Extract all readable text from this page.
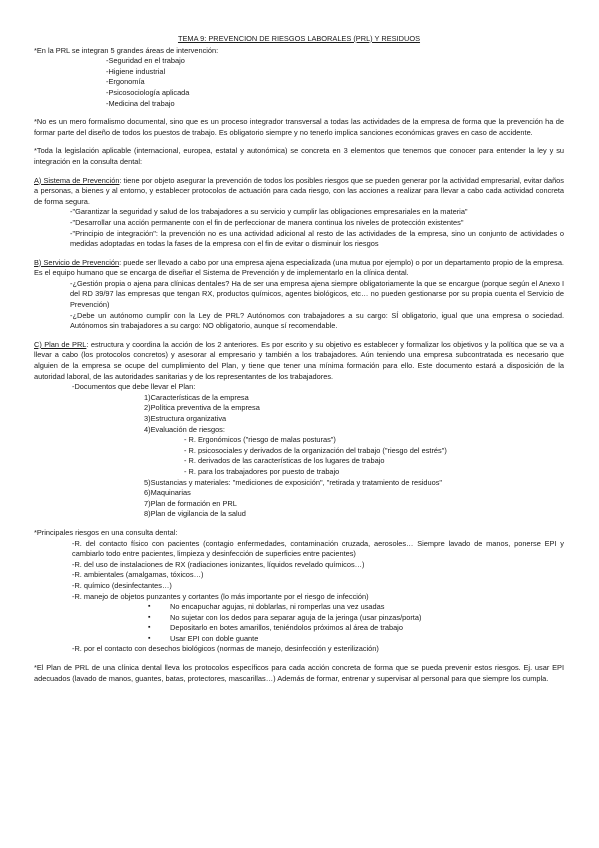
TEMA 9: PREVENCION DE RIESGOS LABORALES (PRL) Y RESIDUOS

*En la PRL se integran 5 grandes áreas de intervención:

-Seguridad en el trabajo

-Higiene industrial

-Ergonomía

-Psicosociología aplicada

-Medicina del trabajo

*No es un mero formalismo documental, sino que es un proceso integrador transversal a todas las actividades de la empresa de forma que la prevención ha de formar parte del diseño de todos los puestos de trabajo. Es obligatorio siempre y no tenerlo implica sanciones económicas graves en caso de accidente.

*Toda la legislación aplicable (internacional, europea, estatal y autonómica) se concreta en 3 elementos que tenemos que conocer para entender la ley y su integración en la consulta dental:

A) Sistema de Prevención: tiene por objeto asegurar la prevención de todos los posibles riesgos que se pueden generar por la actividad empresarial, evitar daños a personas, a bienes y al entorno, y establecer protocolos de actuación para cada riesgo, con las acciones a realizar para llevar a cabo cada actividad concreta de forma segura.

-"Garantizar la seguridad y salud de los trabajadores a su servicio y cumplir las obligaciones empresariales en la materia"

-"Desarrollar una acción permanente con el fin de perfeccionar de manera continua los niveles de protección existentes"

-"Principio de integración": la prevención no es una actividad adicional al resto de las actividades de la empresa, sino un conjunto de actividades o medidas adoptadas en todas la fases de la empresa con el fin de evitar o disminuir los riesgos

B) Servicio de Prevención: puede ser llevado a cabo por una empresa ajena especializada (una mutua por ejemplo) o por un departamento propio de la empresa. Es el equipo humano que se encarga de diseñar el Sistema de Prevención y de implementarlo en la clínica dental.

-¿Gestión propia o ajena para clínicas dentales? Ha de ser una empresa ajena siempre obligatoriamente la que se encargue (porque según el Anexo I del RD 39/97 las empresas que tengan RX, productos químicos, agentes biológicos, etc… no pueden gestionarse por su propia cuenta el Servicio de Prevención)

-¿Debe un autónomo cumplir con la Ley de PRL? Autónomos con trabajadores a su cargo: SÍ obligatorio, igual que una empresa o sociedad. Autónomos sin trabajadores a su cargo: NO obligatorio, aunque sí recomendable.

C) Plan de PRL: estructura y coordina la acción de los 2 anteriores. Es por escrito y su objetivo es establecer y formalizar los objetivos y la política que se va a llevar a cabo (los protocolos concretos) y asesorar al empresario y también a los trabajadores. Aún teniendo una empresa subcontratada es necesario que alguien de la empresa se ocupe del cumplimiento del Plan, y tiene que tener una mínima formación para ello. Este documento estará a disposición de la autoridad laboral, de las autoridades sanitarias y de los representantes de los trabajadores.

-Documentos que debe llevar el Plan:

1)Características de la empresa

2)Política preventiva de la empresa

3)Estructura organizativa

4)Evaluación de riesgos:

- R. Ergonómicos ("riesgo de malas posturas")

- R. psicosociales y derivados de la organización del trabajo ("riesgo del estrés")

- R. derivados de las características de los lugares de trabajo

- R. para los trabajadores por puesto de trabajo

5)Sustancias y materiales: "mediciones de exposición", "retirada y tratamiento de residuos"

6)Maquinarias

7)Plan de formación en PRL

8)Plan de vigilancia de la salud

*Principales riesgos en una consulta dental:

-R. del contacto físico con pacientes (contagio enfermedades, contaminación cruzada, aerosoles… Siempre lavado de manos, ponerse EPI y cambiarlo todo entre pacientes, limpieza y desinfección de superficies entre pacientes)

-R. del uso de instalaciones de RX (radiaciones ionizantes, líquidos revelado químicos…)

-R. ambientales (amalgamas, tóxicos…)

-R. químico (desinfectantes…)

-R. manejo de objetos punzantes y cortantes (lo más importante por el riesgo de infección)

▪ No encapuchar agujas, ni doblarlas, ni romperlas una vez usadas
▪ No sujetar con los dedos para separar aguja de la jeringa (usar pinzas/porta)
▪ Depositarlo en botes amarillos, teniéndolos próximos al área de trabajo
▪ Usar EPI con doble guante

-R. por el contacto con desechos biológicos (normas de manejo, desinfección y esterilización)

*El Plan de PRL de una clínica dental lleva los protocolos específicos para cada acción concreta de forma que se pueda prevenir estos riesgos. Ej. usar EPI adecuados (lavado de manos, guantes, batas, protectores, mascarillas…) Además de formar, entrenar y supervisar al personal para que siempre los cumpla.
